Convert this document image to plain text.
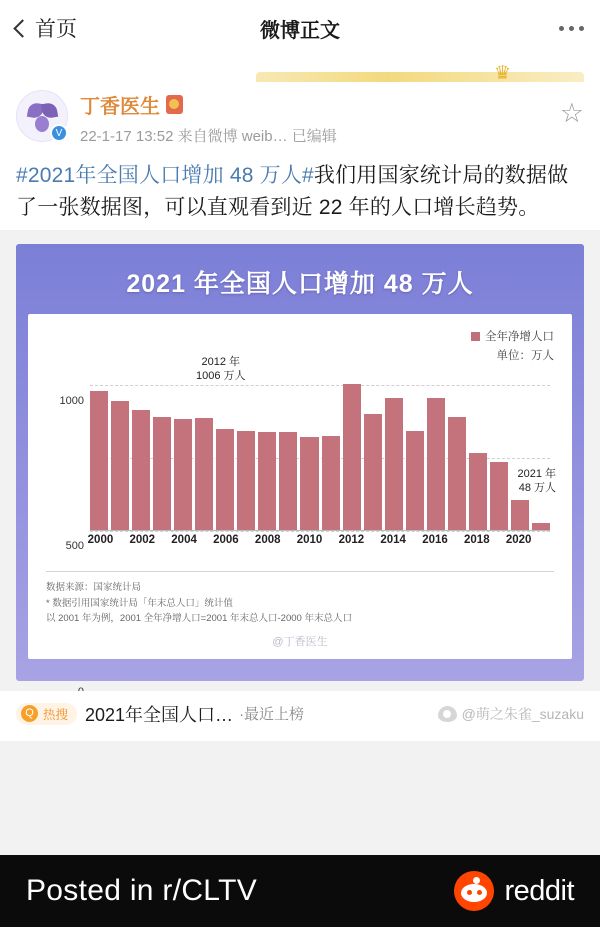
首页	微博正文
♛
V
丁香医生
22-1-17 13:52 来自微博 weib… 已编辑
☆
#2021年全国人口增加 48 万人#我们用国家统计局的数据做了一张数据图，可以直观看到近 22 年的人口增长趋势。
2021 年全国人口增加 48 万人
全年净增人口
单位：万人
2012 年
1006 万人
2021 年
48 万人
500
1000
2000 2002 2004 2006 2008 2010 2012 2014 2016 2018 2020
数据来源：国家统计局
* 数据引用国家统计局「年末总人口」统计值
以 2001 年为例，2001 全年净增人口=2001 年末总人口-2000 年末总人口
@丁香医生
Q 热搜 2021年全国人口… ·最近上榜	@萌之朱雀_suzaku
Posted in r/CLTV	reddit
